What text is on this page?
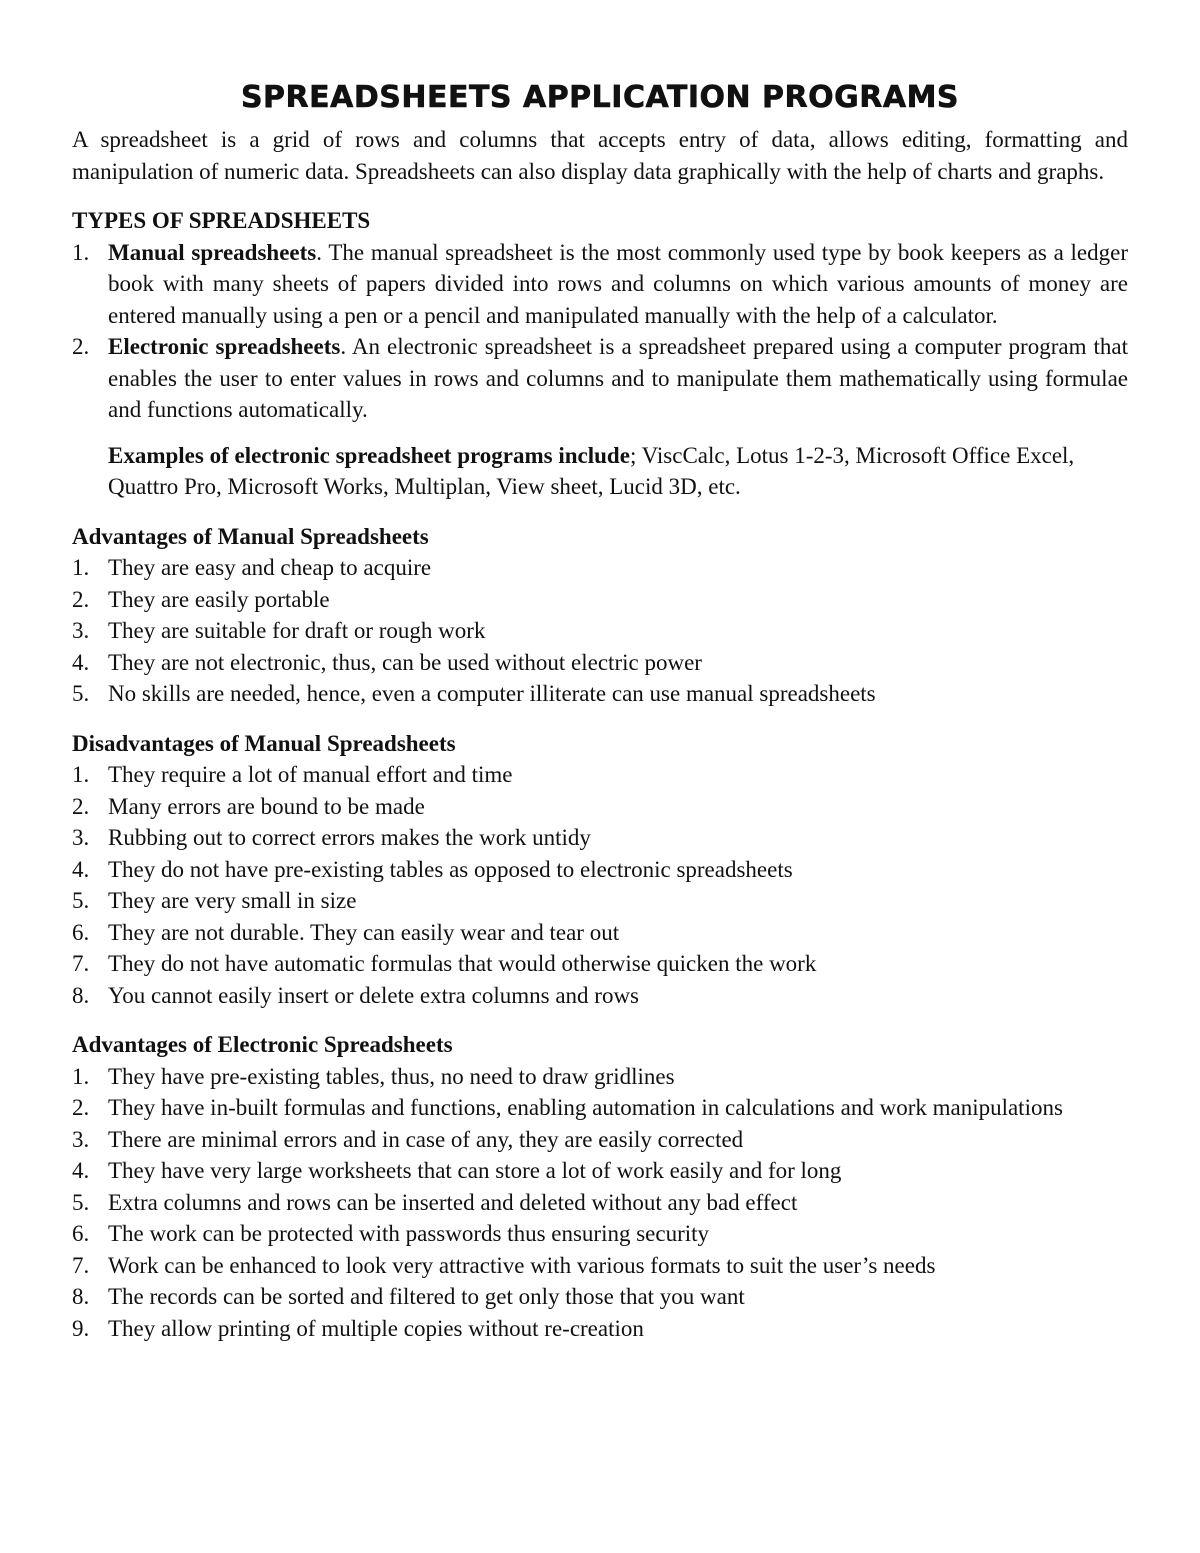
SPREADSHEETS APPLICATION PROGRAMS

A spreadsheet is a grid of rows and columns that accepts entry of data, allows editing, formatting and manipulation of numeric data. Spreadsheets can also display data graphically with the help of charts and graphs.

TYPES OF SPREADSHEETS
1. Manual spreadsheets. The manual spreadsheet is the most commonly used type by book keepers as a ledger book with many sheets of papers divided into rows and columns on which various amounts of money are entered manually using a pen or a pencil and manipulated manually with the help of a calculator.
2. Electronic spreadsheets. An electronic spreadsheet is a spreadsheet prepared using a computer program that enables the user to enter values in rows and columns and to manipulate them mathematically using formulae and functions automatically.

Examples of electronic spreadsheet programs include; ViscCalc, Lotus 1-2-3, Microsoft Office Excel, Quattro Pro, Microsoft Works, Multiplan, View sheet, Lucid 3D, etc.

Advantages of Manual Spreadsheets
1. They are easy and cheap to acquire
2. They are easily portable
3. They are suitable for draft or rough work
4. They are not electronic, thus, can be used without electric power
5. No skills are needed, hence, even a computer illiterate can use manual spreadsheets
Disadvantages of Manual Spreadsheets
1. They require a lot of manual effort and time
2. Many errors are bound to be made
3. Rubbing out to correct errors makes the work untidy
4. They do not have pre-existing tables as opposed to electronic spreadsheets
5. They are very small in size
6. They are not durable. They can easily wear and tear out
7. They do not have automatic formulas that would otherwise quicken the work
8. You cannot easily insert or delete extra columns and rows
Advantages of Electronic Spreadsheets
1. They have pre-existing tables, thus, no need to draw gridlines
2. They have in-built formulas and functions, enabling automation in calculations and work manipulations
3. There are minimal errors and in case of any, they are easily corrected
4. They have very large worksheets that can store a lot of work easily and for long
5. Extra columns and rows can be inserted and deleted without any bad effect
6. The work can be protected with passwords thus ensuring security
7. Work can be enhanced to look very attractive with various formats to suit the user’s needs
8. The records can be sorted and filtered to get only those that you want
9. They allow printing of multiple copies without re-creation
